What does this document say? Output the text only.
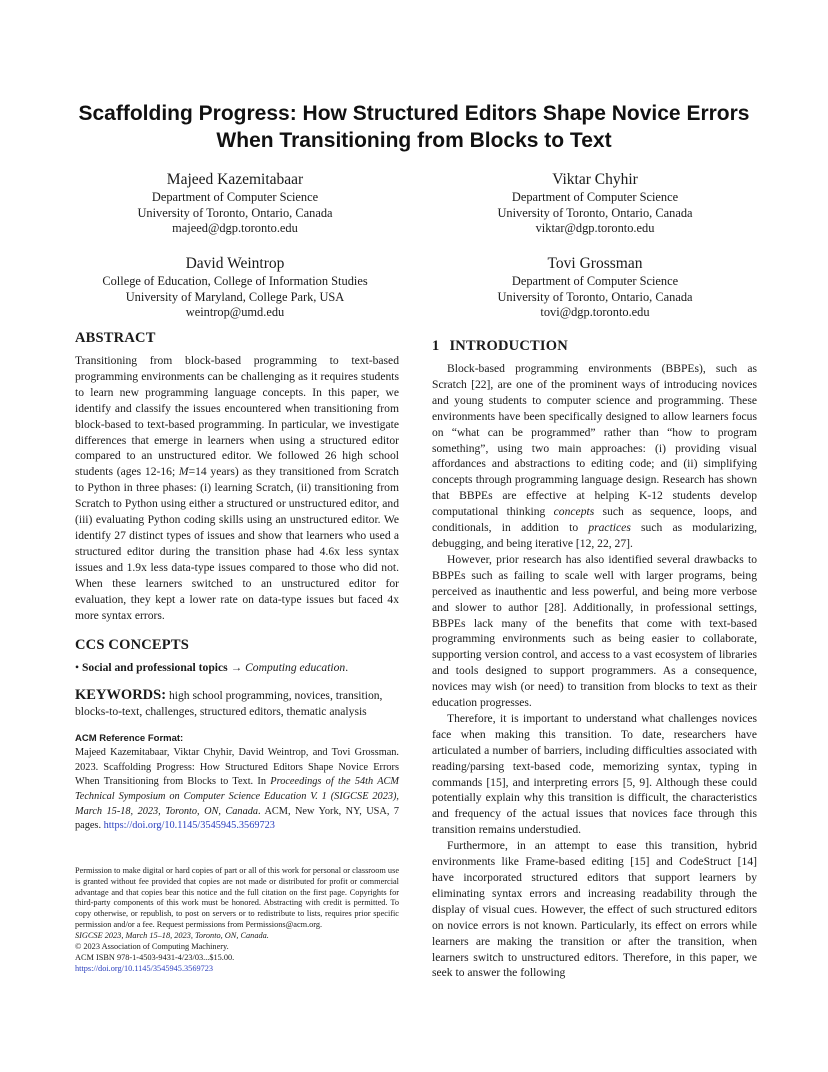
Scaffolding Progress: How Structured Editors Shape Novice Errors When Transitioning from Blocks to Text
Majeed Kazemitabaar
Department of Computer Science
University of Toronto, Ontario, Canada
majeed@dgp.toronto.edu
Viktar Chyhir
Department of Computer Science
University of Toronto, Ontario, Canada
viktar@dgp.toronto.edu
David Weintrop
College of Education, College of Information Studies
University of Maryland, College Park, USA
weintrop@umd.edu
Tovi Grossman
Department of Computer Science
University of Toronto, Ontario, Canada
tovi@dgp.toronto.edu
ABSTRACT

Transitioning from block-based programming to text-based programming environments can be challenging as it requires students to learn new programming language concepts. In this paper, we identify and classify the issues encountered when transitioning from block-based to text-based programming. In particular, we investigate differences that emerge in learners when using a structured editor compared to an unstructured editor. We followed 26 high school students (ages 12-16; M=14 years) as they transitioned from Scratch to Python in three phases: (i) learning Scratch, (ii) transitioning from Scratch to Python using either a structured or unstructured editor, and (iii) evaluating Python coding skills using an unstructured editor. We identify 27 distinct types of issues and show that learners who used a structured editor during the transition phase had 4.6x less syntax issues and 1.9x less data-type issues compared to those who did not. When these learners switched to an unstructured editor for evaluation, they kept a lower rate on data-type issues but faced 4x more syntax errors.

CCS CONCEPTS

• Social and professional topics → Computing education.

KEYWORDS: high school programming, novices, transition, blocks-to-text, challenges, structured editors, thematic analysis

ACM Reference Format:

Majeed Kazemitabaar, Viktar Chyhir, David Weintrop, and Tovi Grossman. 2023. Scaffolding Progress: How Structured Editors Shape Novice Errors When Transitioning from Blocks to Text. In Proceedings of the 54th ACM Technical Symposium on Computer Science Education V. 1 (SIGCSE 2023), March 15-18, 2023, Toronto, ON, Canada. ACM, New York, NY, USA, 7 pages. https://doi.org/10.1145/3545945.3569723

Permission to make digital or hard copies of part or all of this work for personal or classroom use is granted without fee provided that copies are not made or distributed for profit or commercial advantage and that copies bear this notice and the full citation on the first page. Copyrights for third-party components of this work must be honored. Abstracting with credit is permitted. To copy otherwise, or republish, to post on servers or to redistribute to lists, requires prior specific permission and/or a fee. Request permissions from Permissions@acm.org.

SIGCSE 2023, March 15–18, 2023, Toronto, ON, Canada.

© 2023 Association of Computing Machinery.

ACM ISBN 978-1-4503-9431-4/23/03...$15.00.

https://doi.org/10.1145/3545945.3569723

1 INTRODUCTION

Block-based programming environments (BBPEs), such as Scratch [22], are one of the prominent ways of introducing novices and young students to computer science and programming. These environments have been specifically designed to allow learners focus on “what can be programmed” rather than “how to program something”, using two main approaches: (i) providing visual affordances and abstractions to editing code; and (ii) simplifying concepts through programming language design. Research has shown that BBPEs are effective at helping K-12 students develop computational thinking concepts such as sequence, loops, and conditionals, in addition to practices such as modularizing, debugging, and being iterative [12, 22, 27].

However, prior research has also identified several drawbacks to BBPEs such as failing to scale well with larger programs, being perceived as inauthentic and less powerful, and being more verbose and slower to author [28]. Additionally, in professional settings, BBPEs lack many of the benefits that come with text-based programming environments such as being easier to collaborate, supporting version control, and access to a vast ecosystem of libraries and tools designed to support programmers. As a consequence, novices may wish (or need) to transition from blocks to text as their education progresses.

Therefore, it is important to understand what challenges novices face when making this transition. To date, researchers have articulated a number of barriers, including difficulties associated with reading/parsing text-based code, memorizing syntax, typing in commands [15], and interpreting errors [5, 9]. Although these could potentially explain why this transition is difficult, the characteristics and frequency of the actual issues that novices face through this transition remains understudied.

Furthermore, in an attempt to ease this transition, hybrid environments like Frame-based editing [15] and CodeStruct [14] have incorporated structured editors that support learners by eliminating syntax errors and increasing readability through the display of visual cues. However, the effect of such structured editors on novice errors is not known. Particularly, its effect on errors while learners are making the transition or after the transition, when learners switch to unstructured editors. Therefore, in this paper, we seek to answer the following
